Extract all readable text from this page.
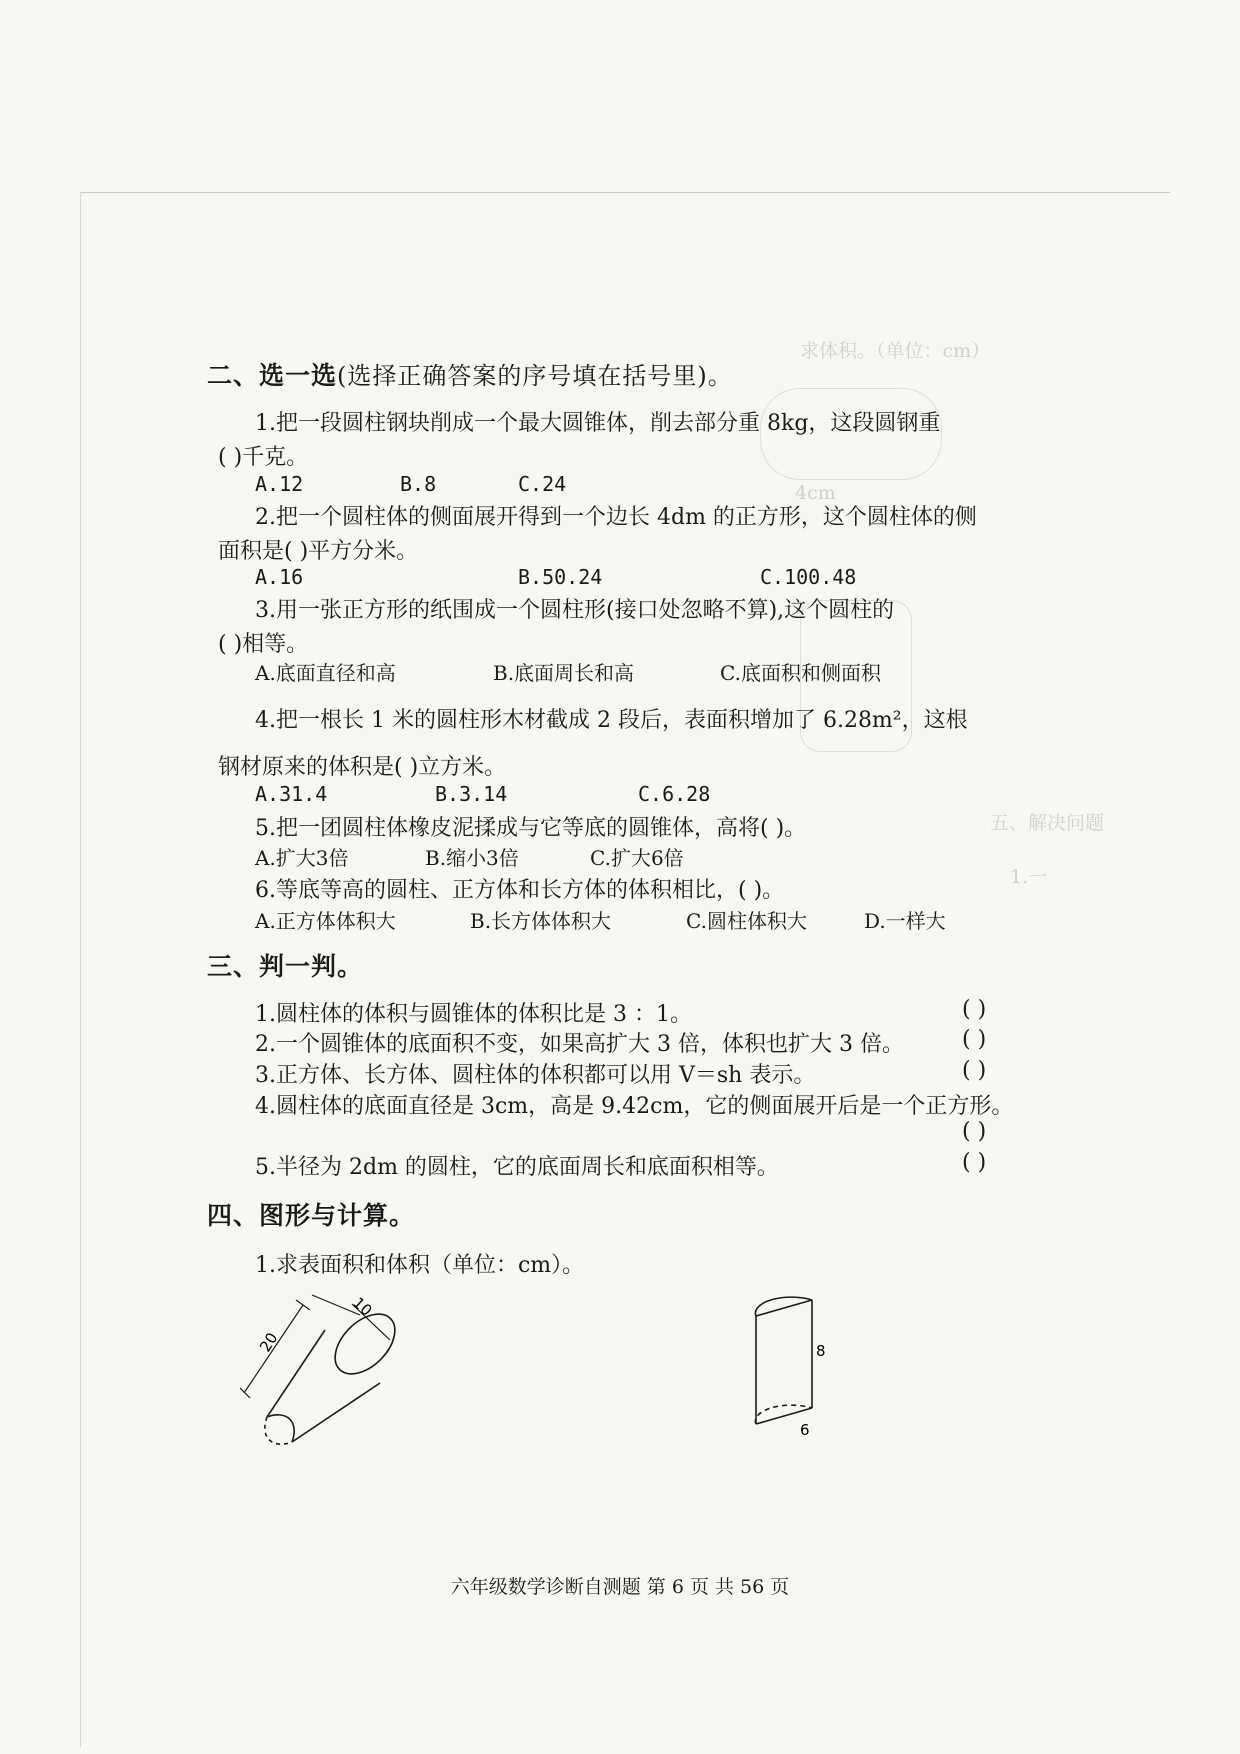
求体积。（单位：cm）
4cm
五、解决问题
1.一
二、选一选(选择正确答案的序号填在括号里)。
1.把一段圆柱钢块削成一个最大圆锥体，削去部分重 8kg，这段圆钢重
( )千克。
A.12	B.8	C.24
2.把一个圆柱体的侧面展开得到一个边长 4dm 的正方形，这个圆柱体的侧
面积是( )平方分米。
A.16	B.50.24	C.100.48
3.用一张正方形的纸围成一个圆柱形(接口处忽略不算),这个圆柱的
( )相等。
A.底面直径和高	B.底面周长和高	C.底面积和侧面积
4.把一根长 1 米的圆柱形木材截成 2 段后，表面积增加了 6.28m²，这根
钢材原来的体积是( )立方米。
A.31.4	B.3.14	C.6.28
5.把一团圆柱体橡皮泥揉成与它等底的圆锥体，高将( )。
A.扩大3倍	B.缩小3倍	C.扩大6倍
6.等底等高的圆柱、正方体和长方体的体积相比，( )。
A.正方体体积大	B.长方体体积大	C.圆柱体积大	D.一样大
三、判一判。
1.圆柱体的体积与圆锥体的体积比是 3 ：1。	( )
2.一个圆锥体的底面积不变，如果高扩大 3 倍，体积也扩大 3 倍。	( )
3.正方体、长方体、圆柱体的体积都可以用 V＝sh 表示。	( )
4.圆柱体的底面直径是 3cm，高是 9.42cm，它的侧面展开后是一个正方形。
( )
5.半径为 2dm 的圆柱，它的底面周长和底面积相等。	( )
四、图形与计算。
1.求表面积和体积（单位：cm）。
20
10
8
6
六年级数学诊断自测题 第 6 页 共 56 页
